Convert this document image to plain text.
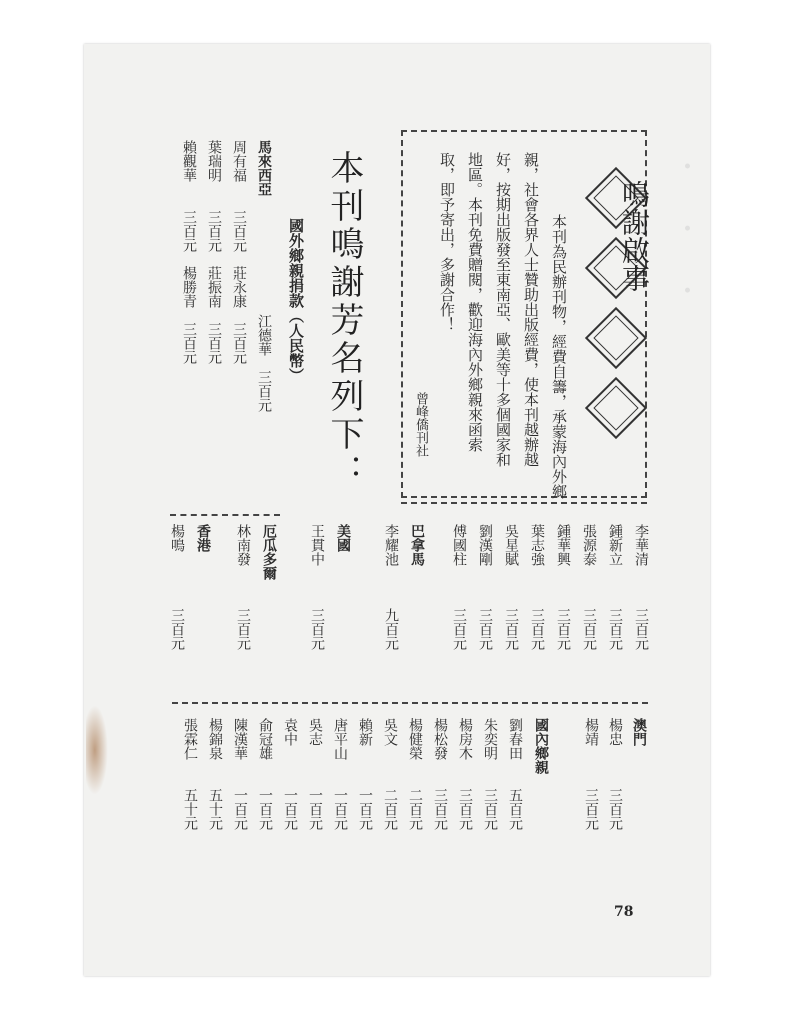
·　·　·
鳴謝啟事
本刊為民辦刊物，經費自籌，承蒙海內外鄉
親，社會各界人士贊助出版經費，使本刊越辦越
好，按期出版發至東南亞、歐美等十多個國家和
地區。本刊免費贈閱，歡迎海內外鄉親來函索
取，即予寄出，多謝合作！
曾峰僑刊社
本刊鳴謝芳名列下：
國外鄉親捐款（人民幣）
江德華　三百元
馬來西亞
周有福　　三百元　莊永康　三百元
葉瑞明　　三百元　莊振南　三百元
賴觀華　　三百元　楊勝青　三百元
李華清　　　三百元
鍾新立　　　三百元
張源泰　　　三百元
鍾華興　　　三百元
葉志強　　　三百元
吳星賦　　　三百元
劉漢剛　　　三百元
傅國柱　　　三百元
巴拿馬
李耀池　　　九百元
美國
王貫中　　　三百元
厄瓜多爾
林南發　　　三百元
香港
楊鳴　　　　三百元
澳門
楊忠　　　三百元
楊靖　　　三百元
國內鄉親
劉春田　　五百元
朱奕明　　三百元
楊房木　　三百元
楊松發　　三百元
楊健榮　　二百元
吳文　　　二百元
賴新　　　一百元
唐平山　　一百元
吳志　　　一百元
袁中　　　一百元
俞冠雄　　一百元
陳漢華　　一百元
楊錦泉　　五十元
張霖仁　　五十元
78
